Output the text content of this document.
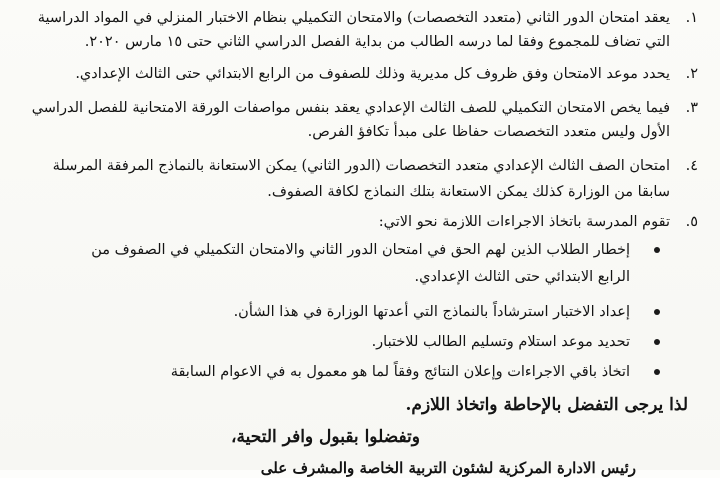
١.
يعقد امتحان الدور الثاني (متعدد التخصصات) والامتحان التكميلي بنظام الاختبار المنزلي في المواد الدراسية
التي تضاف للمجموع وفقا لما درسه الطالب من بداية الفصل الدراسي الثاني حتى ١٥ مارس ٢٠٢٠.
٢.
يحدد موعد الامتحان وفق ظروف كل مديرية وذلك للصفوف من الرابع الابتدائي حتى الثالث الإعدادي.
٣.
فيما يخص الامتحان التكميلي للصف الثالث الإعدادي يعقد بنفس مواصفات الورقة الامتحانية للفصل الدراسي
الأول وليس متعدد التخصصات حفاظا على مبدأ تكافؤ الفرص.
٤.
امتحان الصف الثالث الإعدادي متعدد التخصصات (الدور الثاني) يمكن الاستعانة بالنماذج المرفقة المرسلة
سابقا من الوزارة كذلك يمكن الاستعانة بتلك النماذج لكافة الصفوف.
٥.
تقوم المدرسة باتخاذ الاجراءات اللازمة نحو الاتي:
إخطار الطلاب الذين لهم الحق في امتحان الدور الثاني والامتحان التكميلي في الصفوف من
الرابع الابتدائي حتى الثالث الإعدادي.
إعداد الاختبار استرشاداً بالنماذج التي أعدتها الوزارة في هذا الشأن.
تحديد موعد استلام وتسليم الطالب للاختبار.
اتخاذ باقي الاجراءات وإعلان النتائج وفقاً لما هو معمول به في الاعوام السابقة
لذا يرجى التفضل بالإحاطة واتخاذ اللازم.
وتفضلوا بقبول وافر التحية،
رئيس الادارة المركزية لشئون التربية الخاصة والمشرف على
